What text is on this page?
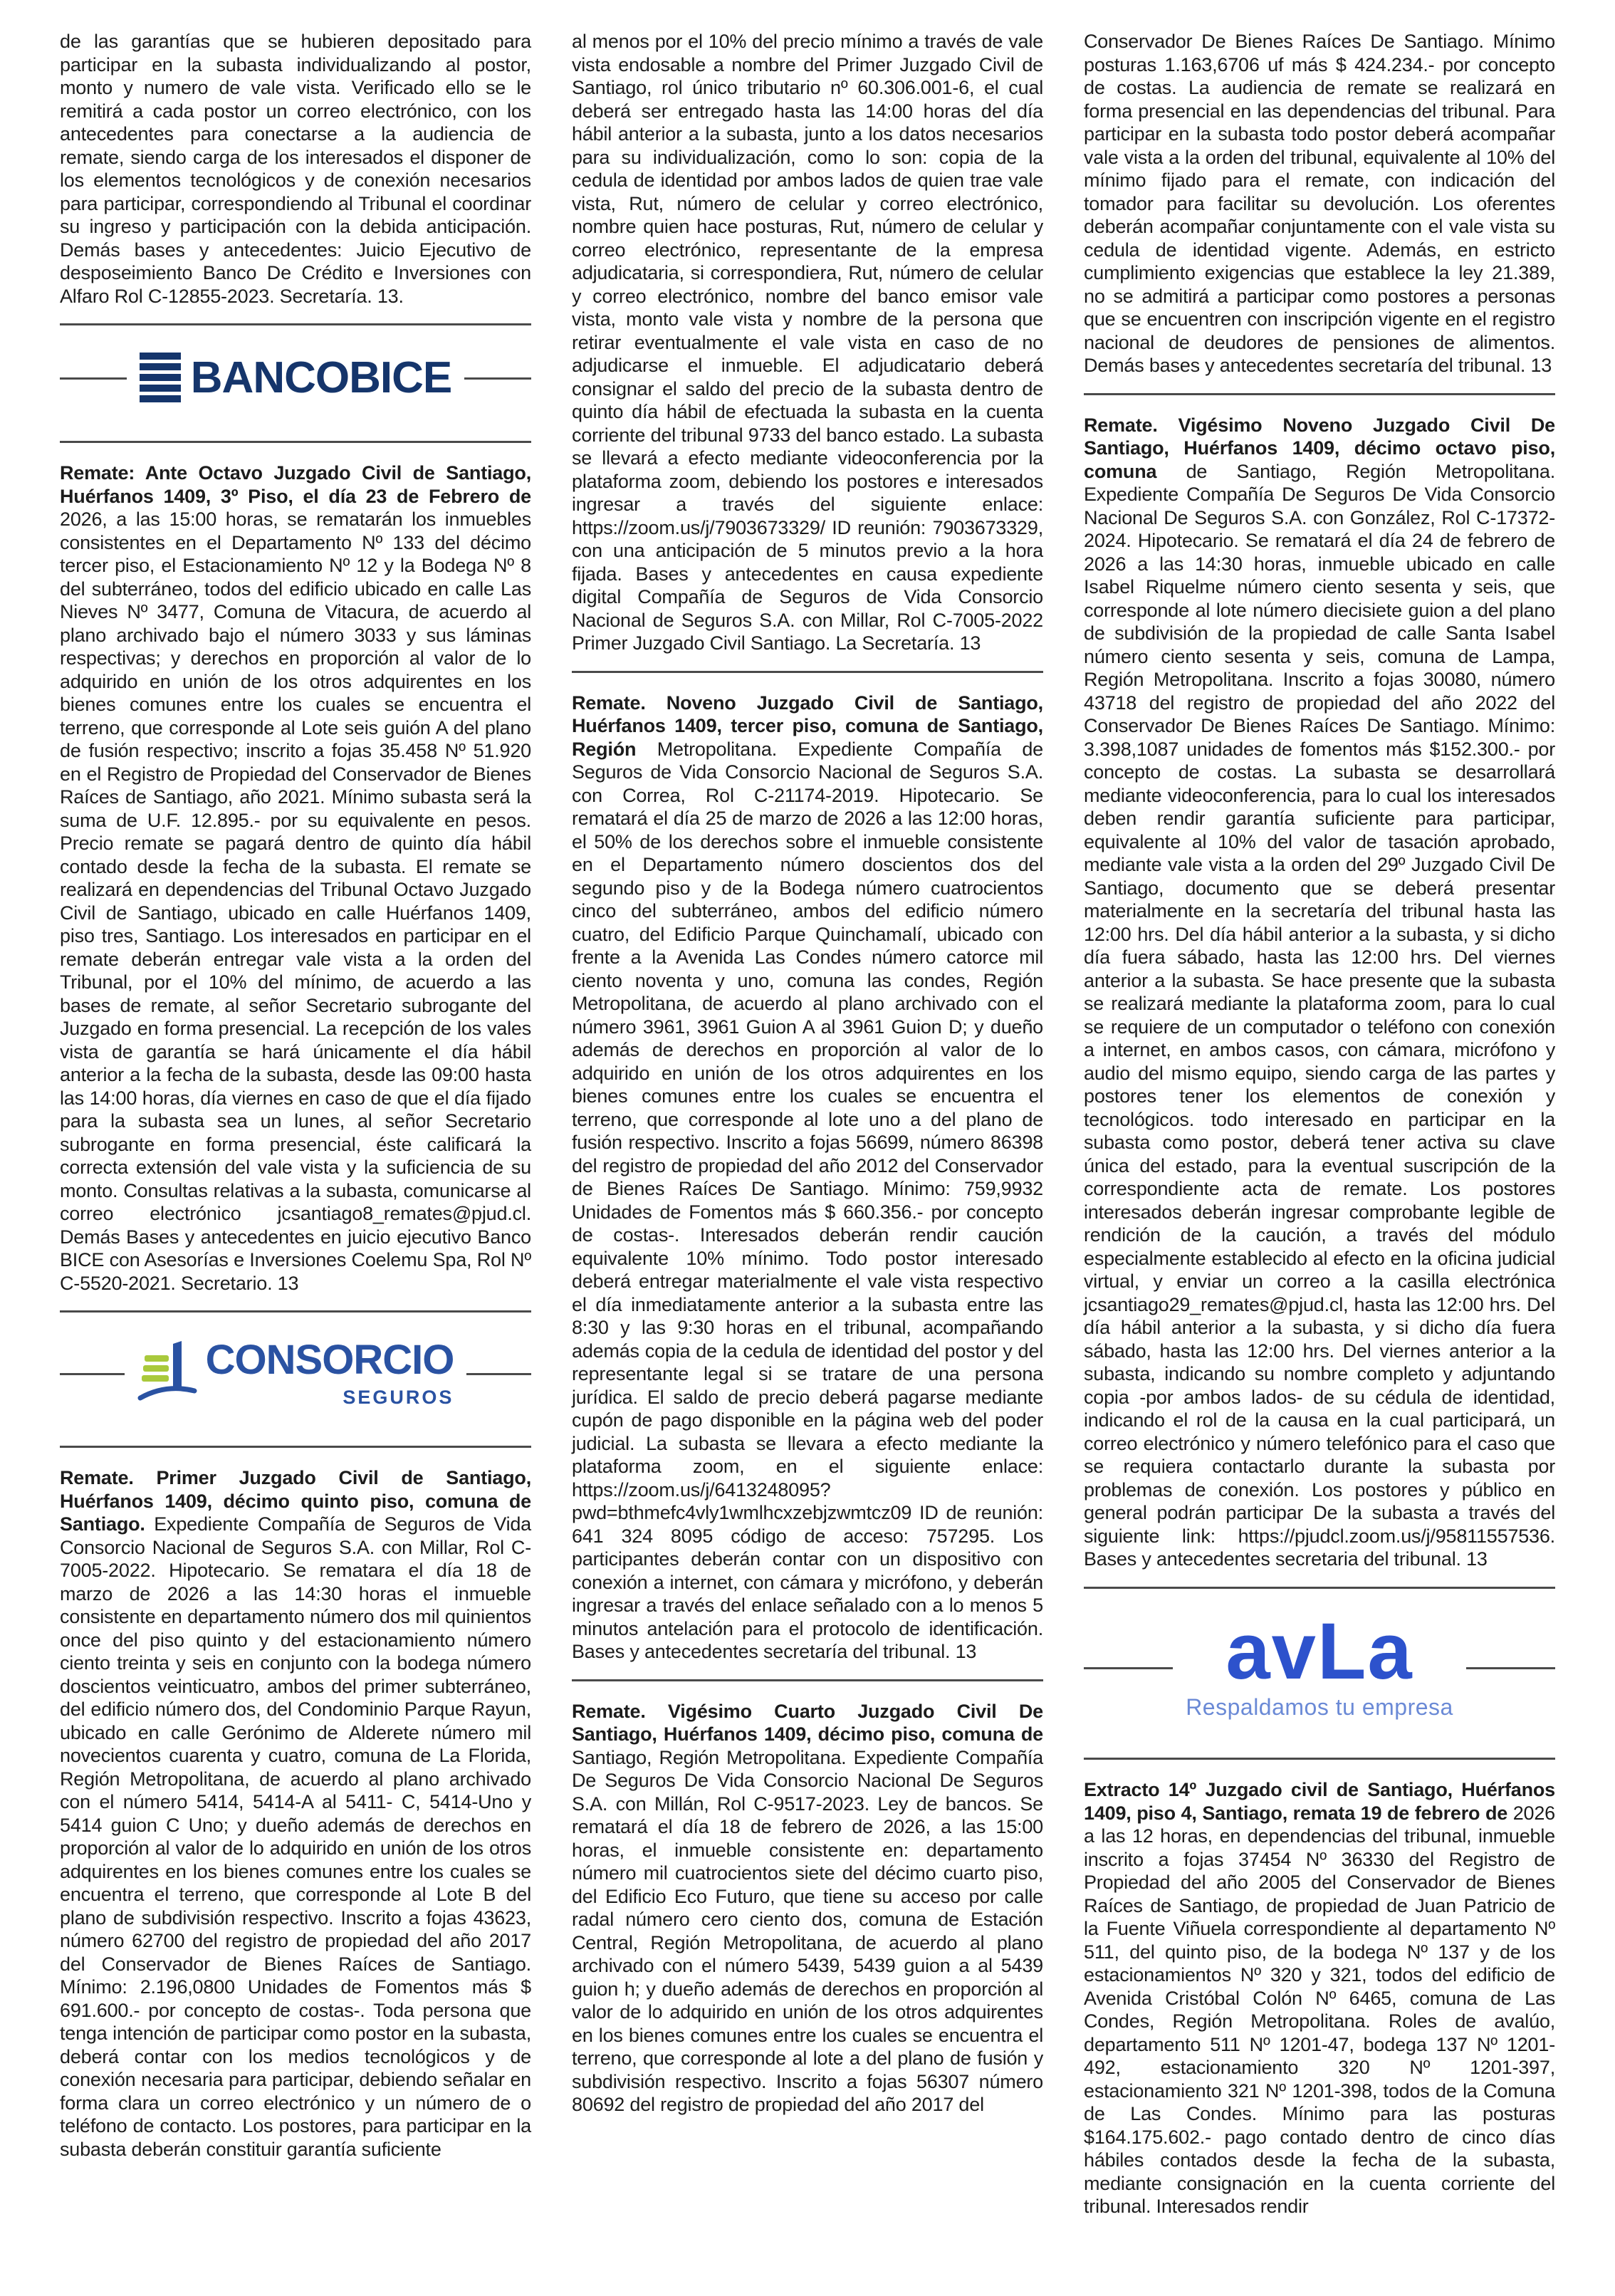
de las garantías que se hubieren depositado para participar en la subasta individualizando al postor, monto y numero de vale vista. Verificado ello se le remitirá a cada postor un correo electrónico, con los antecedentes para conectarse a la audiencia de remate, siendo carga de los interesados el disponer de los elementos tecnológicos y de conexión necesarios para participar, correspondiendo al Tribunal el coordinar su ingreso y participación con la debida anticipación. Demás bases y antecedentes: Juicio Ejecutivo de desposeimiento Banco De Crédito e Inversiones con Alfaro Rol C-12855-2023. Secretaría. 13.

BANCOBICE

Remate: Ante Octavo Juzgado Civil de Santiago, Huérfanos 1409, 3º Piso, el día 23 de Febrero de 2026, a las 15:00 horas, se rematarán los inmuebles consistentes en el Departamento Nº 133 del décimo tercer piso, el Estacionamiento Nº 12 y la Bodega Nº 8 del subterráneo, todos del edificio ubicado en calle Las Nieves Nº 3477, Comuna de Vitacura, de acuerdo al plano archivado bajo el número 3033 y sus láminas respectivas; y derechos en proporción al valor de lo adquirido en unión de los otros adquirentes en los bienes comunes entre los cuales se encuentra el terreno, que corresponde al Lote seis guión A del plano de fusión respectivo; inscrito a fojas 35.458 Nº 51.920 en el Registro de Propiedad del Conservador de Bienes Raíces de Santiago, año 2021. Mínimo subasta será la suma de U.F. 12.895.- por su equivalente en pesos. Precio remate se pagará dentro de quinto día hábil contado desde la fecha de la subasta. El remate se realizará en dependencias del Tribunal Octavo Juzgado Civil de Santiago, ubicado en calle Huérfanos 1409, piso tres, Santiago. Los interesados en participar en el remate deberán entregar vale vista a la orden del Tribunal, por el 10% del mínimo, de acuerdo a las bases de remate, al señor Secretario subrogante del Juzgado en forma presencial. La recepción de los vales vista de garantía se hará únicamente el día hábil anterior a la fecha de la subasta, desde las 09:00 hasta las 14:00 horas, día viernes en caso de que el día fijado para la subasta sea un lunes, al señor Secretario subrogante en forma presencial, éste calificará la correcta extensión del vale vista y la suficiencia de su monto. Consultas relativas a la subasta, comunicarse al correo electrónico jcsantiago8_remates@pjud.cl. Demás Bases y antecedentes en juicio ejecutivo Banco BICE con Asesorías e Inversiones Coelemu Spa, Rol Nº C-5520-2021. Secretario. 13

CONSORCIO
SEGUROS

Remate. Primer Juzgado Civil de Santiago, Huérfanos 1409, décimo quinto piso, comuna de Santiago. Expediente Compañía de Seguros de Vida Consorcio Nacional de Seguros S.A. con Millar, Rol C-7005-2022. Hipotecario. Se rematara el día 18 de marzo de 2026 a las 14:30 horas el inmueble consistente en departamento número dos mil quinientos once del piso quinto y del estacionamiento número ciento treinta y seis en conjunto con la bodega número doscientos veinticuatro, ambos del primer subterráneo, del edificio número dos, del Condominio Parque Rayun, ubicado en calle Gerónimo de Alderete número mil novecientos cuarenta y cuatro, comuna de La Florida, Región Metropolitana, de acuerdo al plano archivado con el número 5414, 5414-A al 5411- C, 5414-Uno y 5414 guion C Uno; y dueño además de derechos en proporción al valor de lo adquirido en unión de los otros adquirentes en los bienes comunes entre los cuales se encuentra el terreno, que corresponde al Lote B del plano de subdivisión respectivo. Inscrito a fojas 43623, número 62700 del registro de propiedad del año 2017 del Conservador de Bienes Raíces de Santiago. Mínimo: 2.196,0800 Unidades de Fomentos más $ 691.600.- por concepto de costas-. Toda persona que tenga intención de participar como postor en la subasta, deberá contar con los medios tecnológicos y de conexión necesaria para participar, debiendo señalar en forma clara un correo electrónico y un número de o teléfono de contacto. Los postores, para participar en la subasta deberán constituir garantía suficiente

al menos por el 10% del precio mínimo a través de vale vista endosable a nombre del Primer Juzgado Civil de Santiago, rol único tributario nº 60.306.001-6, el cual deberá ser entregado hasta las 14:00 horas del día hábil anterior a la subasta, junto a los datos necesarios para su individualización, como lo son: copia de la cedula de identidad por ambos lados de quien trae vale vista, Rut, número de celular y correo electrónico, nombre quien hace posturas, Rut, número de celular y correo electrónico, representante de la empresa adjudicataria, si correspondiera, Rut, número de celular y correo electrónico, nombre del banco emisor vale vista, monto vale vista y nombre de la persona que retirar eventualmente el vale vista en caso de no adjudicarse el inmueble. El adjudicatario deberá consignar el saldo del precio de la subasta dentro de quinto día hábil de efectuada la subasta en la cuenta corriente del tribunal 9733 del banco estado. La subasta se llevará a efecto mediante videoconferencia por la plataforma zoom, debiendo los postores e interesados ingresar a través del siguiente enlace: https://zoom.us/j/7903673329/ ID reunión: 7903673329, con una anticipación de 5 minutos previo a la hora fijada. Bases y antecedentes en causa expediente digital Compañía de Seguros de Vida Consorcio Nacional de Seguros S.A. con Millar, Rol C-7005-2022 Primer Juzgado Civil Santiago. La Secretaría. 13

Remate. Noveno Juzgado Civil de Santiago, Huérfanos 1409, tercer piso, comuna de Santiago, Región Metropolitana. Expediente Compañía de Seguros de Vida Consorcio Nacional de Seguros S.A. con Correa, Rol C-21174-2019. Hipotecario. Se rematará el día 25 de marzo de 2026 a las 12:00 horas, el 50% de los derechos sobre el inmueble consistente en el Departamento número doscientos dos del segundo piso y de la Bodega número cuatrocientos cinco del subterráneo, ambos del edificio número cuatro, del Edificio Parque Quinchamalí, ubicado con frente a la Avenida Las Condes número catorce mil ciento noventa y uno, comuna las condes, Región Metropolitana, de acuerdo al plano archivado con el número 3961, 3961 Guion A al 3961 Guion D; y dueño además de derechos en proporción al valor de lo adquirido en unión de los otros adquirentes en los bienes comunes entre los cuales se encuentra el terreno, que corresponde al lote uno a del plano de fusión respectivo. Inscrito a fojas 56699, número 86398 del registro de propiedad del año 2012 del Conservador de Bienes Raíces De Santiago. Mínimo: 759,9932 Unidades de Fomentos más $ 660.356.- por concepto de costas-. Interesados deberán rendir caución equivalente 10% mínimo. Todo postor interesado deberá entregar materialmente el vale vista respectivo el día inmediatamente anterior a la subasta entre las 8:30 y las 9:30 horas en el tribunal, acompañando además copia de la cedula de identidad del postor y del representante legal si se tratare de una persona jurídica. El saldo de precio deberá pagarse mediante cupón de pago disponible en la página web del poder judicial. La subasta se llevara a efecto mediante la plataforma zoom, en el siguiente enlace: https://zoom.us/j/6413248095?pwd=bthmefc4vly1wmlhcxzebjzwmtcz09 ID de reunión: 641 324 8095 código de acceso: 757295. Los participantes deberán contar con un dispositivo con conexión a internet, con cámara y micrófono, y deberán ingresar a través del enlace señalado con a lo menos 5 minutos antelación para el protocolo de identificación. Bases y antecedentes secretaría del tribunal. 13

Remate. Vigésimo Cuarto Juzgado Civil De Santiago, Huérfanos 1409, décimo piso, comuna de Santiago, Región Metropolitana. Expediente Compañía De Seguros De Vida Consorcio Nacional De Seguros S.A. con Millán, Rol C-9517-2023. Ley de bancos. Se rematará el día 18 de febrero de 2026, a las 15:00 horas, el inmueble consistente en: departamento número mil cuatrocientos siete del décimo cuarto piso, del Edificio Eco Futuro, que tiene su acceso por calle radal número cero ciento dos, comuna de Estación Central, Región Metropolitana, de acuerdo al plano archivado con el número 5439, 5439 guion a al 5439 guion h; y dueño además de derechos en proporción al valor de lo adquirido en unión de los otros adquirentes en los bienes comunes entre los cuales se encuentra el terreno, que corresponde al lote a del plano de fusión y subdivisión respectivo. Inscrito a fojas 56307 número 80692 del registro de propiedad del año 2017 del

Conservador De Bienes Raíces De Santiago. Mínimo posturas 1.163,6706 uf más $ 424.234.- por concepto de costas. La audiencia de remate se realizará en forma presencial en las dependencias del tribunal. Para participar en la subasta todo postor deberá acompañar vale vista a la orden del tribunal, equivalente al 10% del mínimo fijado para el remate, con indicación del tomador para facilitar su devolución. Los oferentes deberán acompañar conjuntamente con el vale vista su cedula de identidad vigente. Además, en estricto cumplimiento exigencias que establece la ley 21.389, no se admitirá a participar como postores a personas que se encuentren con inscripción vigente en el registro nacional de deudores de pensiones de alimentos. Demás bases y antecedentes secretaría del tribunal. 13

Remate. Vigésimo Noveno Juzgado Civil De Santiago, Huérfanos 1409, décimo octavo piso, comuna de Santiago, Región Metropolitana. Expediente Compañía De Seguros De Vida Consorcio Nacional De Seguros S.A. con González, Rol C-17372-2024. Hipotecario. Se rematará el día 24 de febrero de 2026 a las 14:30 horas, inmueble ubicado en calle Isabel Riquelme número ciento sesenta y seis, que corresponde al lote número diecisiete guion a del plano de subdivisión de la propiedad de calle Santa Isabel número ciento sesenta y seis, comuna de Lampa, Región Metropolitana. Inscrito a fojas 30080, número 43718 del registro de propiedad del año 2022 del Conservador De Bienes Raíces De Santiago. Mínimo: 3.398,1087 unidades de fomentos más $152.300.- por concepto de costas. La subasta se desarrollará mediante videoconferencia, para lo cual los interesados deben rendir garantía suficiente para participar, equivalente al 10% del valor de tasación aprobado, mediante vale vista a la orden del 29º Juzgado Civil De Santiago, documento que se deberá presentar materialmente en la secretaría del tribunal hasta las 12:00 hrs. Del día hábil anterior a la subasta, y si dicho día fuera sábado, hasta las 12:00 hrs. Del viernes anterior a la subasta. Se hace presente que la subasta se realizará mediante la plataforma zoom, para lo cual se requiere de un computador o teléfono con conexión a internet, en ambos casos, con cámara, micrófono y audio del mismo equipo, siendo carga de las partes y postores tener los elementos de conexión y tecnológicos. todo interesado en participar en la subasta como postor, deberá tener activa su clave única del estado, para la eventual suscripción de la correspondiente acta de remate. Los postores interesados deberán ingresar comprobante legible de rendición de la caución, a través del módulo especialmente establecido al efecto en la oficina judicial virtual, y enviar un correo a la casilla electrónica jcsantiago29_remates@pjud.cl, hasta las 12:00 hrs. Del día hábil anterior a la subasta, y si dicho día fuera sábado, hasta las 12:00 hrs. Del viernes anterior a la subasta, indicando su nombre completo y adjuntando copia -por ambos lados- de su cédula de identidad, indicando el rol de la causa en la cual participará, un correo electrónico y número telefónico para el caso que se requiera contactarlo durante la subasta por problemas de conexión. Los postores y público en general podrán participar De la subasta a través del siguiente link: https://pjudcl.zoom.us/j/95811557536. Bases y antecedentes secretaria del tribunal. 13

avLa
Respaldamos tu empresa

Extracto 14º Juzgado civil de Santiago, Huérfanos 1409, piso 4, Santiago, remata 19 de febrero de 2026 a las 12 horas, en dependencias del tribunal, inmueble inscrito a fojas 37454 Nº 36330 del Registro de Propiedad del año 2005 del Conservador de Bienes Raíces de Santiago, de propiedad de Juan Patricio de la Fuente Viñuela correspondiente al departamento Nº 511, del quinto piso, de la bodega Nº 137 y de los estacionamientos Nº 320 y 321, todos del edificio de Avenida Cristóbal Colón Nº 6465, comuna de Las Condes, Región Metropolitana. Roles de avalúo, departamento 511 Nº 1201-47, bodega 137 Nº 1201-492, estacionamiento 320 Nº 1201-397, estacionamiento 321 Nº 1201-398, todos de la Comuna de Las Condes. Mínimo para las posturas $164.175.602.- pago contado dentro de cinco días hábiles contados desde la fecha de la subasta, mediante consignación en la cuenta corriente del tribunal. Interesados rendir
